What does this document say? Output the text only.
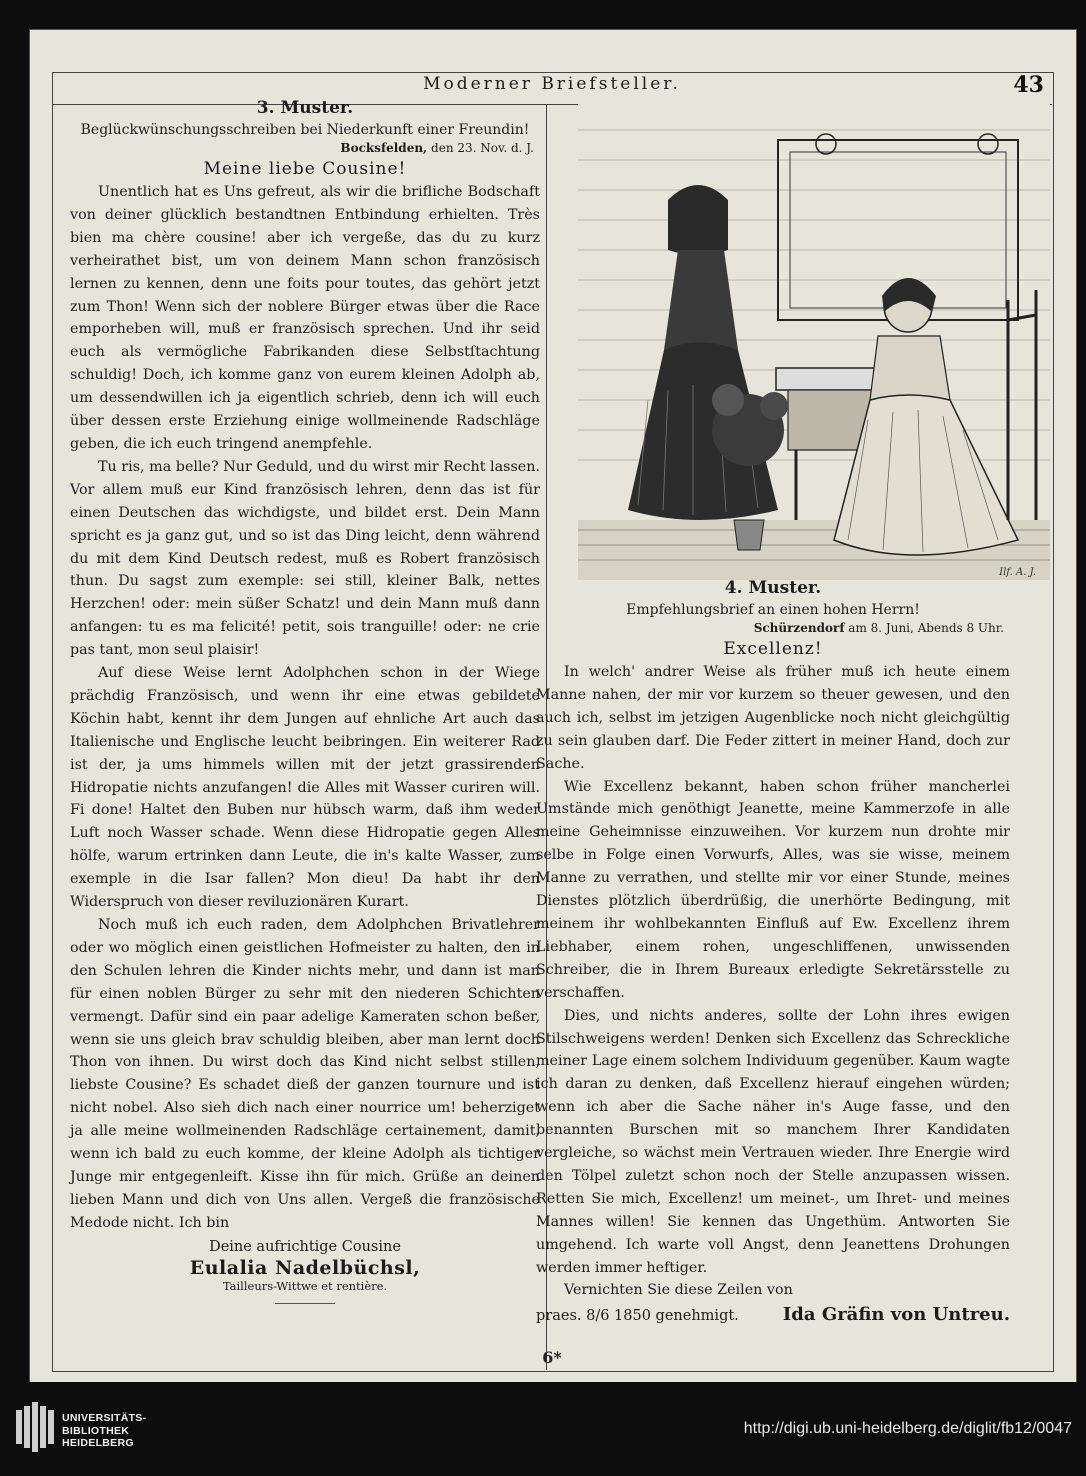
Moderner Briefsteller.	43
3. Muster.
Beglückwünschungsschreiben bei Niederkunft einer Freundin!
Bocksfelden, den 23. Nov. d. J.
Meine liebe Cousine!

Unentlich hat es Uns gefreut, als wir die brifliche Bodschaft von deiner glücklich bestandtnen Entbindung erhielten. Très bien ma chère cousine! aber ich vergeße, das du zu kurz verheirathet bist, um von deinem Mann schon französisch lernen zu kennen, denn une foits pour toutes, das gehört jetzt zum Thon! Wenn sich der noblere Bürger etwas über die Race emporheben will, muß er französisch sprechen. Und ihr seid euch als vermögliche Fabrikanden diese Selbstſtachtung schuldig! Doch, ich komme ganz von eurem kleinen Adolph ab, um dessendwillen ich ja eigentlich schrieb, denn ich will euch über dessen erste Erziehung einige wollmeinende Radschläge geben, die ich euch tringend anempfehle.

Tu ris, ma belle? Nur Geduld, und du wirst mir Recht lassen. Vor allem muß eur Kind französisch lehren, denn das ist für einen Deutschen das wichdigste, und bildet erst. Dein Mann spricht es ja ganz gut, und so ist das Ding leicht, denn während du mit dem Kind Deutsch redest, muß es Robert französisch thun. Du sagst zum exemple: sei still, kleiner Balk, nettes Herzchen! oder: mein süßer Schatz! und dein Mann muß dann anfangen: tu es ma felicité! petit, sois tranguille! oder: ne crie pas tant, mon seul plaisir!

Auf diese Weise lernt Adolphchen schon in der Wiege prächdig Französisch, und wenn ihr eine etwas gebildete Köchin habt, kennt ihr dem Jungen auf ehnliche Art auch das Italienische und Englische leucht beibringen. Ein weiterer Rad ist der, ja ums himmels willen mit der jetzt grassirenden Hidropatie nichts anzufangen! die Alles mit Wasser curiren will. Fi done! Haltet den Buben nur hübsch warm, daß ihm weder Luft noch Wasser schade. Wenn diese Hidropatie gegen Alles hölfe, warum ertrinken dann Leute, die in's kalte Wasser, zum exemple in die Isar fallen? Mon dieu! Da habt ihr den Widerspruch von dieser reviluzionären Kurart.

Noch muß ich euch raden, dem Adolphchen Brivatlehrer oder wo möglich einen geistlichen Hofmeister zu halten, den in den Schulen lehren die Kinder nichts mehr, und dann ist man für einen noblen Bürger zu sehr mit den niederen Schichten vermengt. Dafür sind ein paar adelige Kameraten schon beßer, wenn sie uns gleich brav schuldig bleiben, aber man lernt doch Thon von ihnen. Du wirst doch das Kind nicht selbst stillen, liebste Cousine? Es schadet dieß der ganzen tournure und ist nicht nobel. Also sieh dich nach einer nourrice um! beherziget ja alle meine wollmeinenden Radschläge certainement, damit, wenn ich bald zu euch komme, der kleine Adolph als tichtiger Junge mir entgegenleift. Kisse ihn für mich. Grüße an deinen lieben Mann und dich von Uns allen. Vergeß die französische Medode nicht. Ich bin

Deine aufrichtige Cousine
Eulalia Nadelbüchsl,
Tailleurs-Wittwe et rentière.
Ilf. A. J.
4. Muster.
Empfehlungsbrief an einen hohen Herrn!
Schürzendorf am 8. Juni, Abends 8 Uhr.
Excellenz!

In welch' andrer Weise als früher muß ich heute einem Manne nahen, der mir vor kurzem so theuer gewesen, und den auch ich, selbst im jetzigen Augenblicke noch nicht gleichgültig zu sein glauben darf. Die Feder zittert in meiner Hand, doch zur Sache.

Wie Excellenz bekannt, haben schon früher mancherlei Umstände mich genöthigt Jeanette, meine Kammerzofe in alle meine Geheimnisse einzuweihen. Vor kurzem nun drohte mir selbe in Folge einen Vorwurfs, Alles, was sie wisse, meinem Manne zu verrathen, und stellte mir vor einer Stunde, meines Dienstes plötzlich überdrüßig, die unerhörte Bedingung, mit meinem ihr wohlbekannten Einfluß auf Ew. Excellenz ihrem Liebhaber, einem rohen, ungeschliffenen, unwissenden Schreiber, die in Ihrem Bureaux erledigte Sekretärsstelle zu verschaffen.

Dies, und nichts anderes, sollte der Lohn ihres ewigen Stilschweigens werden! Denken sich Excellenz das Schreckliche meiner Lage einem solchem Individuum gegenüber. Kaum wagte ich daran zu denken, daß Excellenz hierauf eingehen würden; wenn ich aber die Sache näher in's Auge fasse, und den benannten Burschen mit so manchem Ihrer Kandidaten vergleiche, so wächst mein Vertrauen wieder. Ihre Energie wird den Tölpel zuletzt schon noch der Stelle anzupassen wissen. Retten Sie mich, Excellenz! um meinet-, um Ihret- und meines Mannes willen! Sie kennen das Ungethüm. Antworten Sie umgehend. Ich warte voll Angst, denn Jeanettens Drohungen werden immer heftiger.

Vernichten Sie diese Zeilen von

praes. 8/6 1850 genehmigt. Ida Gräfin von Untreu.
6*
UNIVERSITÄTS-
BIBLIOTHEK
HEIDELBERG
http://digi.ub.uni-heidelberg.de/diglit/fb12/0047
